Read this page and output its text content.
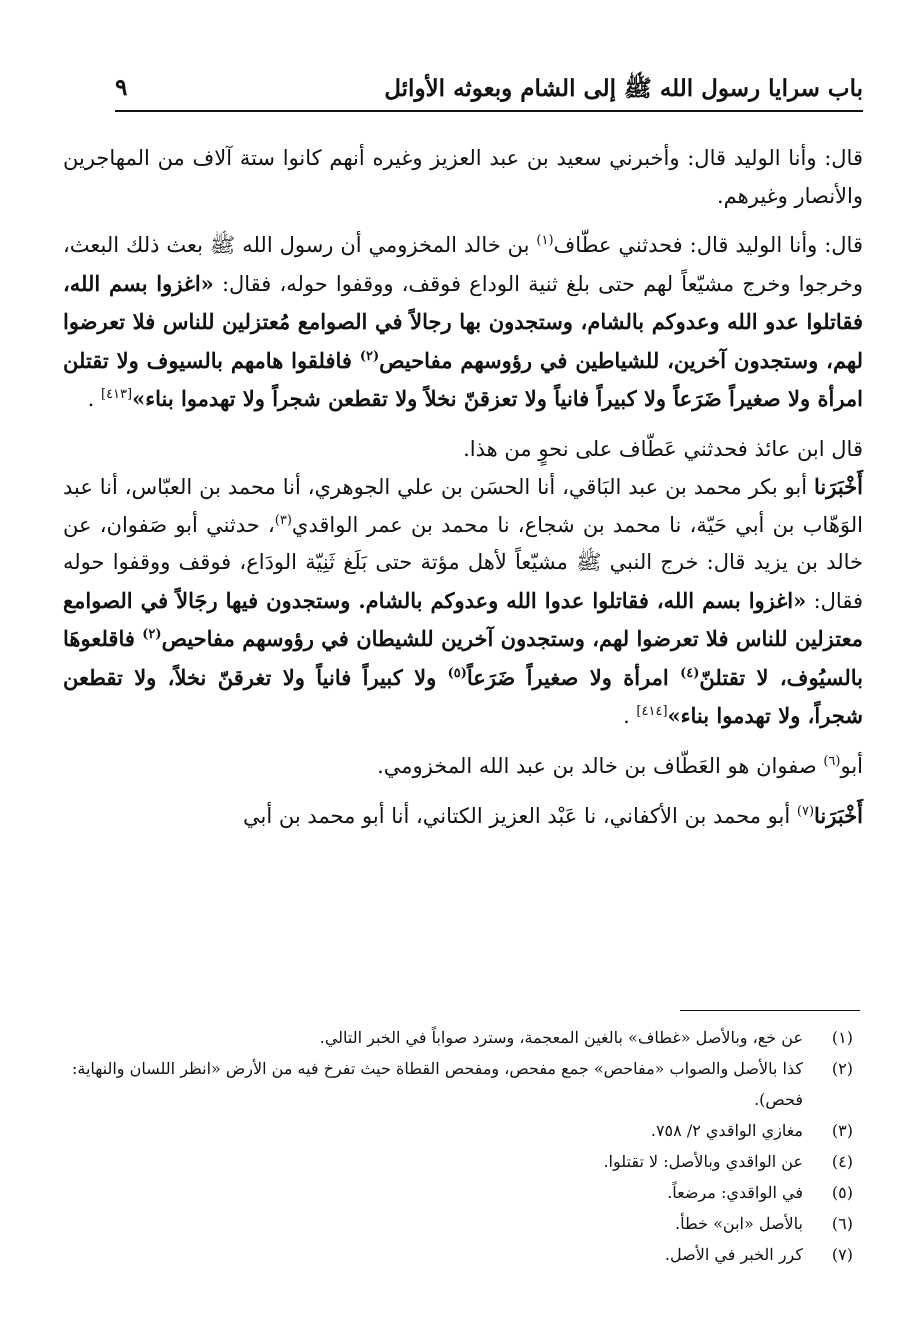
باب سرايا رسول الله ﷺ إلى الشام وبعوثه الأوائل
٩

قال: وأنا الوليد قال: وأخبرني سعيد بن عبد العزيز وغيره أنهم كانوا ستة آلاف من المهاجرين والأنصار وغيرهم.

قال: وأنا الوليد قال: فحدثني عطّاف$^{(١)}$ بن خالد المخزومي أن رسول الله ﷺ بعث ذلك البعث، وخرجوا وخرج مشيّعاً لهم حتى بلغ ثنية الوداع فوقف، ووقفوا حوله، فقال: «اغزوا بسم الله، فقاتلوا عدو الله وعدوكم بالشام، وستجدون بها رجالاً في الصوامع مُعتزلين للناس فلا تعرضوا لهم، وستجدون آخرين، للشياطين في رؤوسهم مفاحيص$^{(٢)}$ فافلقوا هامهم بالسيوف ولا تقتلن امرأة ولا صغيراً ضَرَعاً ولا كبيراً فانياً ولا تعزقنّ نخلاً ولا تقطعن شجراً ولا تهدموا بناء»[٤١٣] .

قال ابن عائذ فحدثني عَطّاف على نحوٍ من هذا.

أَخْبَرَنا أبو بكر محمد بن عبد البَاقي، أنا الحسَن بن علي الجوهري، أنا محمد بن العبّاس، أنا عبد الوَهّاب بن أبي حَيّة، نا محمد بن شجاع، نا محمد بن عمر الواقدي$^{(٣)}$، حدثني أبو صَفوان، عن خالد بن يزيد قال: خرج النبي ﷺ مشيّعاً لأهل مؤتة حتى بَلَغ ثَنِيّة الودَاع، فوقف ووقفوا حوله فقال: «اغزوا بسم الله، فقاتلوا عدوا الله وعدوكم بالشام. وستجدون فيها رجَالاً في الصوامع معتزلين للناس فلا تعرضوا لهم، وستجدون آخرين للشيطان في رؤوسهم مفاحيص$^{(٢)}$ فاقلعوهَا بالسيُوف، لا تقتلنّ$^{(٤)}$ امرأة ولا صغيراً ضَرَعاً$^{(٥)}$ ولا كبيراً فانياً ولا تغرقنّ نخلاً، ولا تقطعن شجراً، ولا تهدموا بناء»[٤١٤] .

أبو$^{(٦)}$ صفوان هو العَطّاف بن خالد بن عبد الله المخزومي.

أَخْبَرَنا$^{(٧)}$ أبو محمد بن الأكفاني، نا عَبْد العزيز الكتاني، أنا أبو محمد بن أبي

(١)
عن خع، وبالأصل «غطاف» بالغين المعجمة، وسترد صواباً في الخبر التالي.
(٢)
كذا بالأصل والصواب «مفاحص» جمع مفحص، ومفحص القطاة حيث تفرخ فيه من الأرض «انظر اللسان والنهاية: فحص).
(٣)
مغازي الواقدي ٢/ ٧٥٨.
(٤)
عن الواقدي وبالأصل: لا تقتلوا.
(٥)
في الواقدي: مرضعاً.
(٦)
بالأصل «ابن» خطأ.
(٧)
كرر الخبر في الأصل.
